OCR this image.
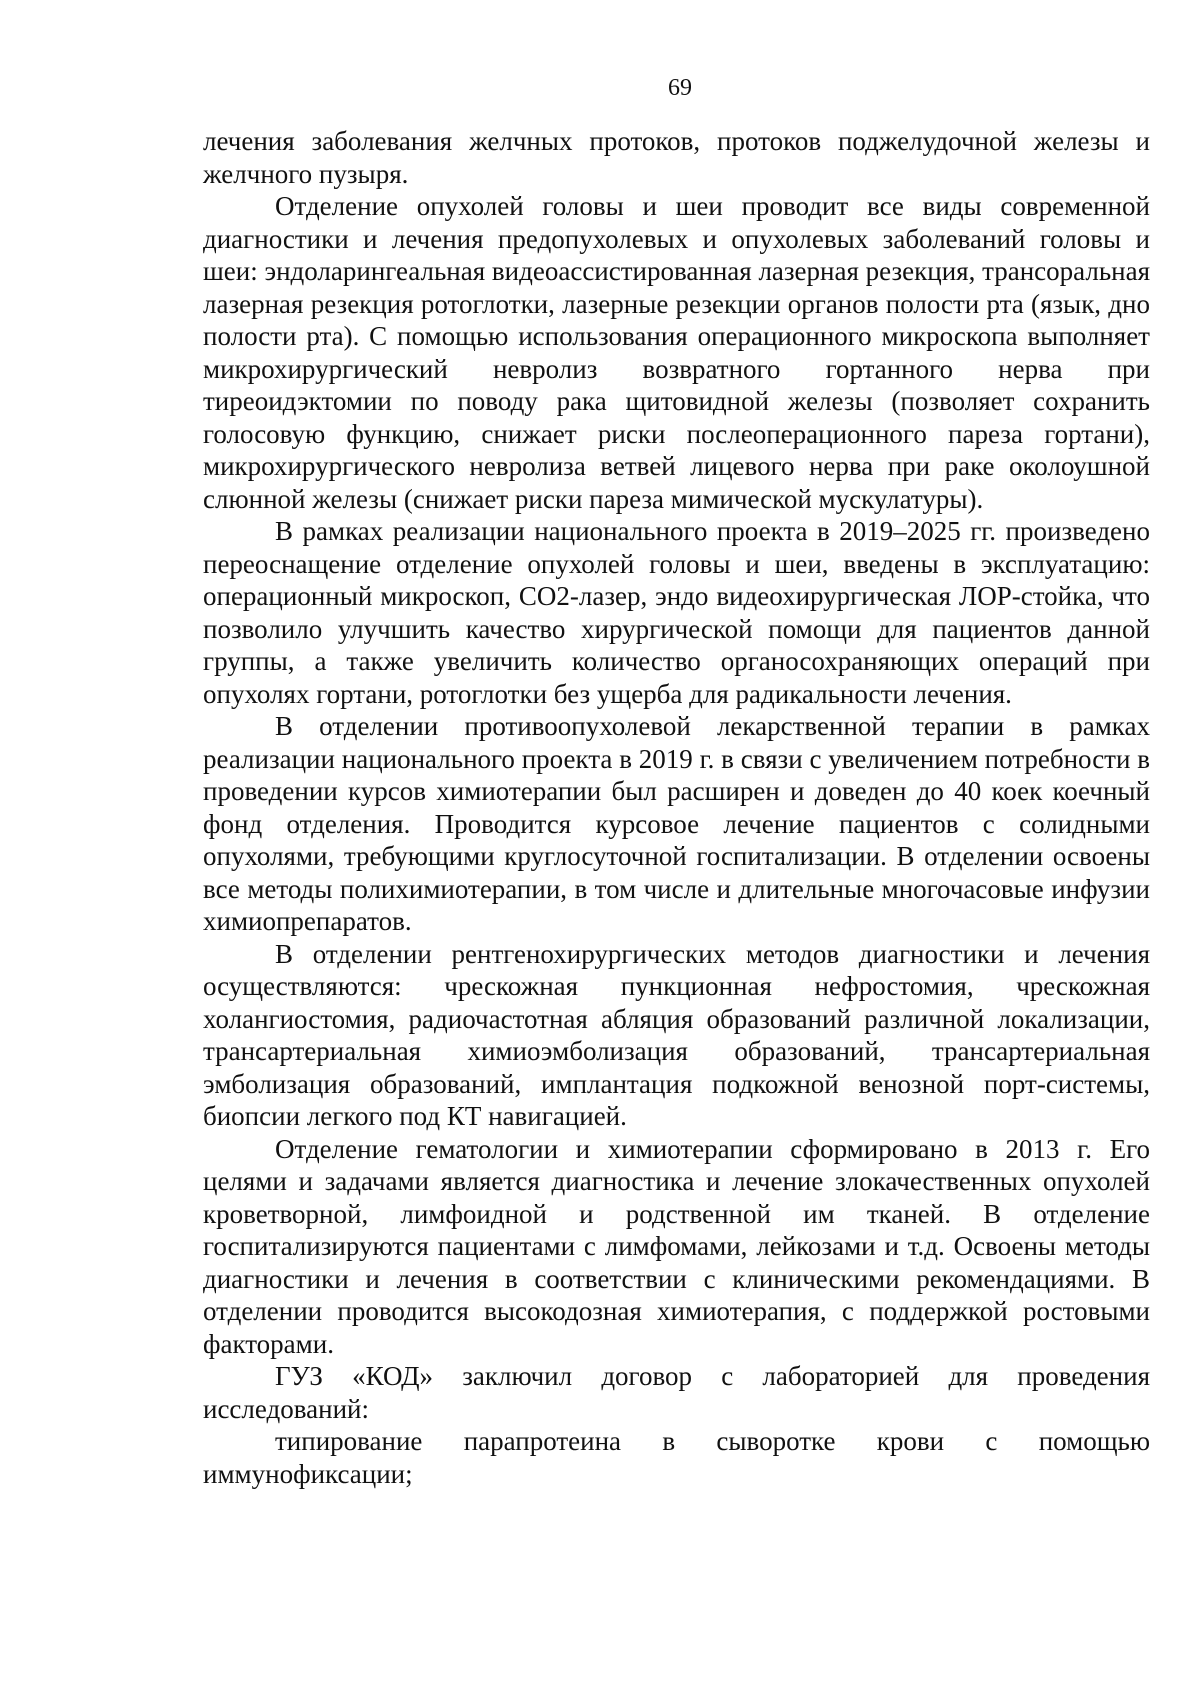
69

лечения заболевания желчных протоков, протоков поджелудочной железы и желчного пузыря.

Отделение опухолей головы и шеи проводит все виды современной диагностики и лечения предопухолевых и опухолевых заболеваний головы и шеи: эндоларингеальная видеоассистированная лазерная резекция, трансоральная лазерная резекция ротоглотки, лазерные резекции органов полости рта (язык, дно полости рта). С помощью использования операционного микроскопа выполняет микрохирургический невролиз возвратного гортанного нерва при тиреоидэктомии по поводу рака щитовидной железы (позволяет сохранить голосовую функцию, снижает риски послеоперационного пареза гортани), микрохирургического невролиза ветвей лицевого нерва при раке околоушной слюнной железы (снижает риски пареза мимической мускулатуры).

В рамках реализации национального проекта в 2019–2025 гг. произведено переоснащение отделение опухолей головы и шеи, введены в эксплуатацию: операционный микроскоп, СО2-лазер, эндо видеохирургическая ЛОР-стойка, что позволило улучшить качество хирургической помощи для пациентов данной группы, а также увеличить количество органосохраняющих операций при опухолях гортани, ротоглотки без ущерба для радикальности лечения.

В отделении противоопухолевой лекарственной терапии в рамках реализации национального проекта в 2019 г. в связи с увеличением потребности в проведении курсов химиотерапии был расширен и доведен до 40 коек коечный фонд отделения. Проводится курсовое лечение пациентов с солидными опухолями, требующими круглосуточной госпитализации. В отделении освоены все методы полихимиотерапии, в том числе и длительные многочасовые инфузии химиопрепаратов.

В отделении рентгенохирургических методов диагностики и лечения осуществляются: чрескожная пункционная нефростомия, чрескожная холангиостомия, радиочастотная абляция образований различной локализации, трансартериальная химиоэмболизация образований, трансартериальная эмболизация образований, имплантация подкожной венозной порт-системы, биопсии легкого под КТ навигацией.

Отделение гематологии и химиотерапии сформировано в 2013 г. Его целями и задачами является диагностика и лечение злокачественных опухолей кроветворной, лимфоидной и родственной им тканей. В отделение госпитализируются пациентами с лимфомами, лейкозами и т.д. Освоены методы диагностики и лечения в соответствии с клиническими рекомендациями. В отделении проводится высокодозная химиотерапия, с поддержкой ростовыми факторами.

ГУЗ «КОД» заключил договор с лабораторией для проведения исследований:

типирование парапротеина в сыворотке крови с помощью иммунофиксации;
